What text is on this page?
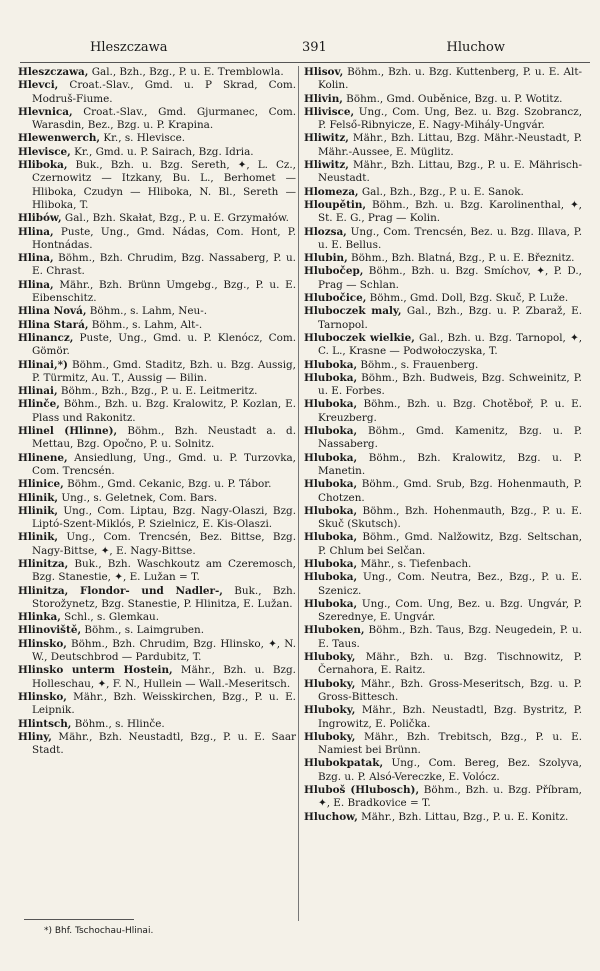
Hleszczawa	391	Hluchow

Hleszczawa, Gal., Bzh., Bzg., P. u. E. Tremblowla.

Hlevci, Croat.-Slav., Gmd. u. P Skrad, Com. Modruš-Fiume.

Hlevnica, Croat.-Slav., Gmd. Gjurmanec, Com. Warasdin, Bez., Bzg. u. P. Krapina.

Hlewenwerch, Kr., s. Hlevisce.

Hlevisce, Kr., Gmd. u. P. Sairach, Bzg. Idria.

Hliboka, Buk., Bzh. u. Bzg. Sereth, ✦, L. Cz., Czernowitz — Itzkany, Bu. L., Berhomet — Hliboka, Czudyn — Hliboka, N. Bl., Sereth — Hliboka, T.

Hlibów, Gal., Bzh. Skałat, Bzg., P. u. E. Grzymałów.

Hlina, Puste, Ung., Gmd. Nádas, Com. Hont, P. Hontnádas.

Hlina, Böhm., Bzh. Chrudim, Bzg. Nassaberg, P. u. E. Chrast.

Hlina, Mähr., Bzh. Brünn Umgebg., Bzg., P. u. E. Eibenschitz.

Hlina Nová, Böhm., s. Lahm, Neu-.

Hlina Stará, Böhm., s. Lahm, Alt-.

Hlinancz, Puste, Ung., Gmd. u. P. Klenócz, Com. Gömör.

Hlinai,*) Böhm., Gmd. Staditz, Bzh. u. Bzg. Aussig, P. Türmitz, Au. T., Aussig — Bilin.

Hlinai, Böhm., Bzh., Bzg., P. u. E. Leitmeritz.

Hlinče, Böhm., Bzh. u. Bzg. Kralowitz, P. Kozlan, E. Plass und Rakonitz.

Hlinel (Hlinne), Böhm., Bzh. Neustadt a. d. Mettau, Bzg. Opočno, P. u. Solnitz.

Hlinene, Ansiedlung, Ung., Gmd. u. P. Turzovka, Com. Trencsén.

Hlinice, Böhm., Gmd. Cekanic, Bzg. u. P. Tábor.

Hlinik, Ung., s. Geletnek, Com. Bars.

Hlinik, Ung., Com. Liptau, Bzg. Nagy-Olaszi, Bzg. Liptó-Szent-Miklós, P. Szielnicz, E. Kis-Olaszi.

Hlinik, Ung., Com. Trencsén, Bez. Bittse, Bzg. Nagy-Bittse, ✦, E. Nagy-Bittse.

Hlinitza, Buk., Bzh. Waschkoutz am Czeremosch, Bzg. Stanestie, ✦, E. Lužan = T.

Hlinitza, Flondor- und Nadler-, Buk., Bzh. Storožynetz, Bzg. Stanestie, P. Hlinitza, E. Lužan.

Hlinka, Schl., s. Glemkau.

Hlinoviště, Böhm., s. Laimgruben.

Hlinsko, Böhm., Bzh. Chrudim, Bzg. Hlinsko, ✦, N. W., Deutschbrod — Pardubitz, T.

Hlinsko unterm Hostein, Mähr., Bzh. u. Bzg. Holleschau, ✦, F. N., Hullein — Wall.-Meseritsch.

Hlinsko, Mähr., Bzh. Weisskirchen, Bzg., P. u. E. Leipnik.

Hlintsch, Böhm., s. Hlinče.

Hliny, Mähr., Bzh. Neustadtl, Bzg., P. u. E. Saar Stadt.

Hlisov, Böhm., Bzh. u. Bzg. Kuttenberg, P. u. E. Alt-Kolin.

Hlivin, Böhm., Gmd. Ouběnice, Bzg. u. P. Wotitz.

Hlivisce, Ung., Com. Ung, Bez. u. Bzg. Szobrancz, P. Felső-Ribnyicze, E. Nagy-Mihály-Ungvár.

Hliwitz, Mähr., Bzh. Littau, Bzg. Mähr.-Neustadt, P. Mähr.-Aussee, E. Müglitz.

Hliwitz, Mähr., Bzh. Littau, Bzg., P. u. E. Mährisch-Neustadt.

Hlomeza, Gal., Bzh., Bzg., P. u. E. Sanok.

Hloupětin, Böhm., Bzh. u. Bzg. Karolinenthal, ✦, St. E. G., Prag — Kolin.

Hlozsa, Ung., Com. Trencsén, Bez. u. Bzg. Illava, P. u. E. Bellus.

Hlubin, Böhm., Bzh. Blatná, Bzg., P. u. E. Březnitz.

Hlubočep, Böhm., Bzh. u. Bzg. Smíchov, ✦, P. D., Prag — Schlan.

Hlubočice, Böhm., Gmd. Doll, Bzg. Skuč, P. Luže.

Hluboczek maly, Gal., Bzh., Bzg. u. P. Zbaraž, E. Tarnopol.

Hluboczek wielkie, Gal., Bzh. u. Bzg. Tarnopol, ✦, C. L., Krasne — Podwołoczyska, T.

Hluboka, Böhm., s. Frauenberg.

Hluboka, Böhm., Bzh. Budweis, Bzg. Schweinitz, P. u. E. Forbes.

Hluboka, Böhm., Bzh. u. Bzg. Chotěboř, P. u. E. Kreuzberg.

Hluboka, Böhm., Gmd. Kamenitz, Bzg. u. P. Nassaberg.

Hluboka, Böhm., Bzh. Kralowitz, Bzg. u. P. Manetin.

Hluboka, Böhm., Gmd. Srub, Bzg. Hohenmauth, P. Chotzen.

Hluboka, Böhm., Bzh. Hohenmauth, Bzg., P. u. E. Skuč (Skutsch).

Hluboka, Böhm., Gmd. Nalžowitz, Bzg. Seltschan, P. Chlum bei Selčan.

Hluboka, Mähr., s. Tiefenbach.

Hluboka, Ung., Com. Neutra, Bez., Bzg., P. u. E. Szenicz.

Hluboka, Ung., Com. Ung, Bez. u. Bzg. Ungvár, P. Szerednye, E. Ungvár.

Hluboken, Böhm., Bzh. Taus, Bzg. Neugedein, P. u. E. Taus.

Hluboky, Mähr., Bzh. u. Bzg. Tischnowitz, P. Černahora, E. Raitz.

Hluboky, Mähr., Bzh. Gross-Meseritsch, Bzg. u. P. Gross-Bittesch.

Hluboky, Mähr., Bzh. Neustadtl, Bzg. Bystritz, P. Ingrowitz, E. Polička.

Hluboky, Mähr., Bzh. Trebitsch, Bzg., P. u. E. Namiest bei Brünn.

Hlubokpatak, Ung., Com. Bereg, Bez. Szolyva, Bzg. u. P. Alsó-Vereczke, E. Volócz.

Hluboš (Hlubosch), Böhm., Bzh. u. Bzg. Příbram, ✦, E. Bradkovice = T.

Hluchow, Mähr., Bzh. Littau, Bzg., P. u. E. Konitz.

*) Bhf. Tschochau-Hlinai.
